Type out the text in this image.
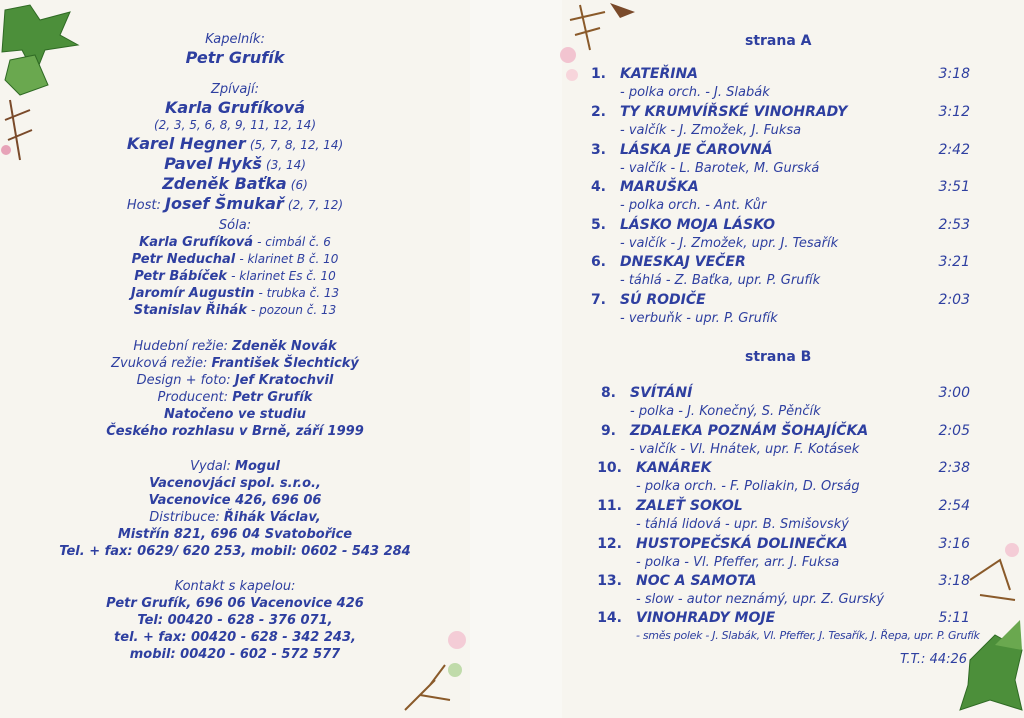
Kapelník:
Petr Grufík
Zpívají:
Karla Grufíková
(2, 3, 5, 6, 8, 9, 11, 12, 14)
Karel Hegner (5, 7, 8, 12, 14)
Pavel Hykš (3, 14)
Zdeněk Baťka (6)
Host: Josef Šmukař (2, 7, 12)
Sóla:
Karla Grufíková - cimbál č. 6
Petr Neduchal - klarinet B č. 10
Petr Bábíček - klarinet Es č. 10
Jaromír Augustin - trubka č. 13
Stanislav Řihák - pozoun č. 13
Hudební režie: Zdeněk Novák
Zvuková režie: František Šlechtický
Design + foto: Jef Kratochvil
Producent: Petr Grufík
Natočeno ve studiu
Českého rozhlasu v Brně, září 1999
Vydal: Mogul
Vacenovjáci spol. s.r.o.,
Vacenovice 426, 696 06
Distribuce: Řihák Václav,
Mistřín 821, 696 04 Svatobořice
Tel. + fax: 0629/ 620 253, mobil: 0602 - 543 284
Kontakt s kapelou:
Petr Grufík, 696 06 Vacenovice 426
Tel: 00420 - 628 - 376 071,
tel. + fax: 00420 - 628 - 342 243,
mobil: 00420 - 602 - 572 577
strana A
strana B
1. KATEŘINA	3:18
- polka orch. - J. Slabák
2. TY KRUMVÍŘSKÉ VINOHRADY	3:12
- valčík - J. Zmožek, J. Fuksa
3. LÁSKA JE ČAROVNÁ	2:42
- valčík - L. Barotek, M. Gurská
4. MARUŠKA	3:51
- polka orch. - Ant. Kůr
5. LÁSKO MOJA LÁSKO	2:53
- valčík - J. Zmožek, upr. J. Tesařík
6. DNESKAJ VEČER	3:21
- táhlá - Z. Baťka, upr. P. Grufík
7. SÚ RODIČE	2:03
- verbuňk - upr. P. Grufík
8. SVÍTÁNÍ	3:00
- polka - J. Konečný, S. Pěnčík
9. ZDALEKA POZNÁM ŠOHAJÍČKA	2:05
- valčík - Vl. Hnátek, upr. F. Kotásek
10. KANÁREK	2:38
- polka orch. - F. Poliakin, D. Orság
11. ZALEŤ SOKOL	2:54
- táhlá lidová - upr. B. Smišovský
12. HUSTOPEČSKÁ DOLINEČKA	3:16
- polka - Vl. Pfeffer, arr. J. Fuksa
13. NOC A SAMOTA	3:18
- slow - autor neznámý, upr. Z. Gurský
14. VINOHRADY MOJE	5:11
- směs polek - J. Slabák, Vl. Pfeffer, J. Tesařík, J. Řepa, upr. P. Grufík
T.T.: 44:26
